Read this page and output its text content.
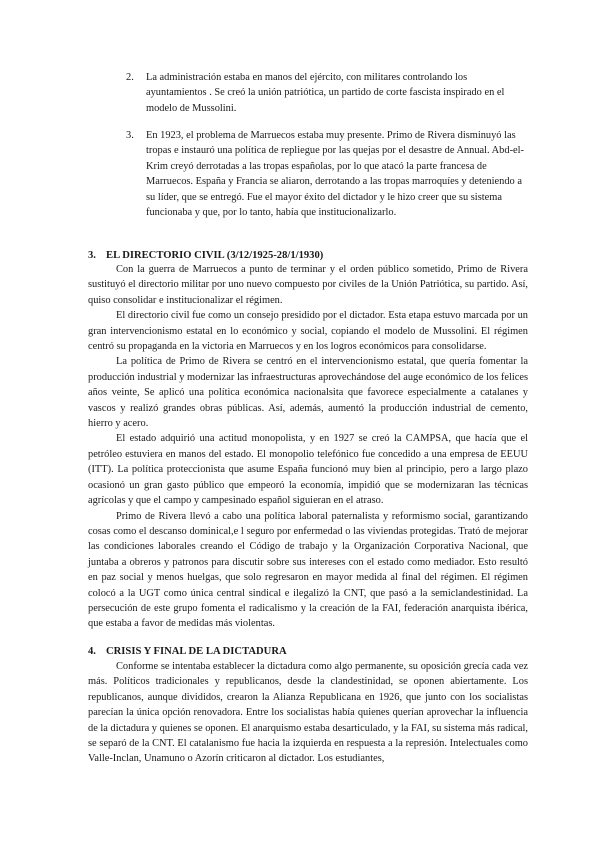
2. La administración estaba en manos del ejército, con militares controlando los ayuntamientos . Se creó la unión patriótica, un partido de corte fascista inspirado en el modelo de Mussolini.

3. En 1923, el problema de Marruecos estaba muy presente. Primo de Rivera disminuyó las tropas e instauró una política de repliegue por las quejas por el desastre de Annual. Abd-el-Krim creyó derrotadas a las tropas españolas, por lo que atacó la parte francesa de Marruecos. España y Francia se aliaron, derrotando a las tropas marroquíes y deteniendo a su líder, que se entregó. Fue el mayor éxito del dictador y le hizo creer que su sistema funcionaba y que, por lo tanto, había que institucionalizarlo.

3. EL DIRECTORIO CIVIL (3/12/1925-28/1/1930)

Con la guerra de Marruecos a punto de terminar y el orden público sometido, Primo de Rivera sustituyó el directorio militar por uno nuevo compuesto por civiles de la Unión Patriótica, su partido. Así, quiso consolidar e institucionalizar el régimen.

El directorio civil fue como un consejo presidido por el dictador. Esta etapa estuvo marcada por un gran intervencionismo estatal en lo económico y social, copiando el modelo de Mussolini. El régimen centró su propaganda en la victoria en Marruecos y en los logros económicos para consolidarse.

La política de Primo de Rivera se centró en el intervencionismo estatal, que quería fomentar la producción industrial y modernizar las infraestructuras aprovechándose del auge económico de los felices años veinte, Se aplicó una política económica nacionalsita que favorece especialmente a catalanes y vascos y realizó grandes obras públicas. Así, además, aumentó la producción industrial de cemento, hierro y acero.

El estado adquirió una actitud monopolista, y en 1927 se creó la CAMPSA, que hacía que el petróleo estuviera en manos del estado. El monopolio telefónico fue concedido a una empresa de EEUU (ITT). La política proteccionista que asume España funcionó muy bien al principio, pero a largo plazo ocasionó un gran gasto público que empeoró la economía, impidió que se modernizaran las técnicas agrícolas y que el campo y campesinado español siguieran en el atraso.

Primo de Rivera llevó a cabo una política laboral paternalista y reformismo social, garantizando cosas como el descanso dominical,e l seguro por enfermedad o las viviendas protegidas. Trató de mejorar las condiciones laborales creando el Código de trabajo y la Organización Corporativa Nacional, que juntaba a obreros y patronos para discutir sobre sus intereses con el estado como mediador. Esto resultó en paz social y menos huelgas, que solo regresaron en mayor medida al final del régimen. El régimen colocó a la UGT como única central sindical e ilegalizó la CNT, que pasó a la semiclandestinidad. La persecución de este grupo fomenta el radicalismo y la creación de la FAI, federación anarquista ibérica, que estaba a favor de medidas más violentas.

4. CRISIS Y FINAL DE LA DICTADURA

Conforme se intentaba establecer la dictadura como algo permanente, su oposición grecía cada vez más. Políticos tradicionales y republicanos, desde la clandestinidad, se oponen abiertamente. Los republicanos, aunque divididos, crearon la Alianza Republicana en 1926, que junto con los socialistas parecían la única opción renovadora. Entre los socialistas había quienes querían aprovechar la influencia de la dictadura y quienes se oponen. El anarquismo estaba desarticulado, y la FAI, su sistema más radical, se separó de la CNT. El catalanismo fue hacia la izquierda en respuesta a la represión. Intelectuales como Valle-Inclan, Unamuno o Azorín criticaron al dictador. Los estudiantes,
